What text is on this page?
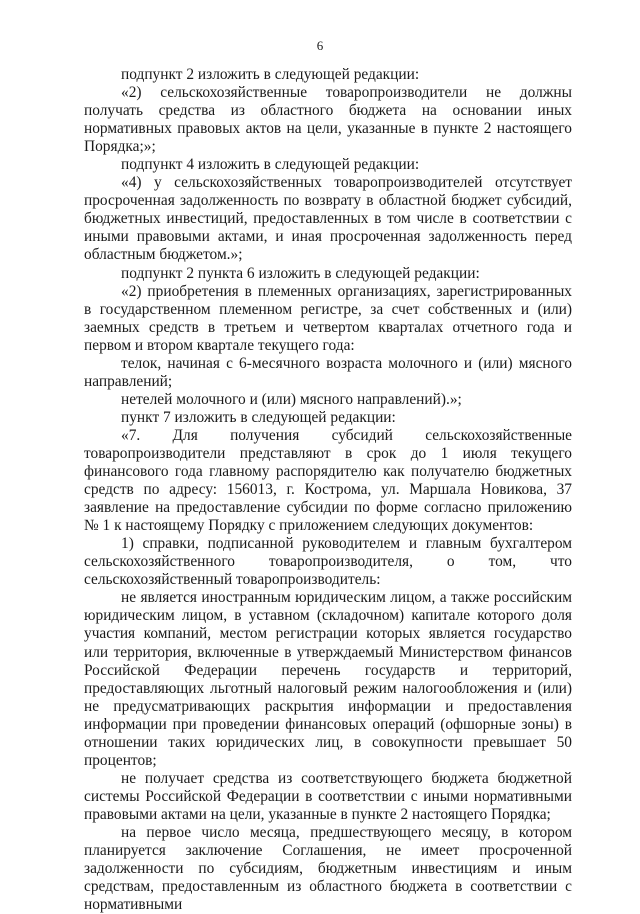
6

подпункт 2 изложить в следующей редакции:

«2) сельскохозяйственные товаропроизводители не должны получать средства из областного бюджета на основании иных нормативных правовых актов на цели, указанные в пункте 2 настоящего Порядка;»;

подпункт 4 изложить в следующей редакции:

«4) у сельскохозяйственных товаропроизводителей отсутствует просроченная задолженность по возврату в областной бюджет субсидий, бюджетных инвестиций, предоставленных в том числе в соответствии с иными правовыми актами, и иная просроченная задолженность перед областным бюджетом.»;

подпункт 2 пункта 6 изложить в следующей редакции:

«2) приобретения в племенных организациях, зарегистрированных в государственном племенном регистре, за счет собственных и (или) заемных средств в третьем и четвертом кварталах отчетного года и первом и втором квартале текущего года:

телок, начиная с 6-месячного возраста молочного и (или) мясного направлений;

нетелей молочного и (или) мясного направлений).»;

пункт 7 изложить в следующей редакции:

«7. Для получения субсидий сельскохозяйственные товаропроизводители представляют в срок до 1 июля текущего финансового года главному распорядителю как получателю бюджетных средств по адресу: 156013, г. Кострома, ул. Маршала Новикова, 37 заявление на предоставление субсидии по форме согласно приложению № 1 к настоящему Порядку с приложением следующих документов:

1) справки, подписанной руководителем и главным бухгалтером сельскохозяйственного товаропроизводителя, о том, что сельскохозяйственный товаропроизводитель:

не является иностранным юридическим лицом, а также российским юридическим лицом, в уставном (складочном) капитале которого доля участия компаний, местом регистрации которых является государство или территория, включенные в утверждаемый Министерством финансов Российской Федерации перечень государств и территорий, предоставляющих льготный налоговый режим налогообложения и (или) не предусматривающих раскрытия информации и предоставления информации при проведении финансовых операций (офшорные зоны) в отношении таких юридических лиц, в совокупности превышает 50 процентов;

не получает средства из соответствующего бюджета бюджетной системы Российской Федерации в соответствии с иными нормативными правовыми актами на цели, указанные в пункте 2 настоящего Порядка;

на первое число месяца, предшествующего месяцу, в котором планируется заключение Соглашения, не имеет просроченной задолженности по субсидиям, бюджетным инвестициям и иным средствам, предоставленным из областного бюджета в соответствии с нормативными
